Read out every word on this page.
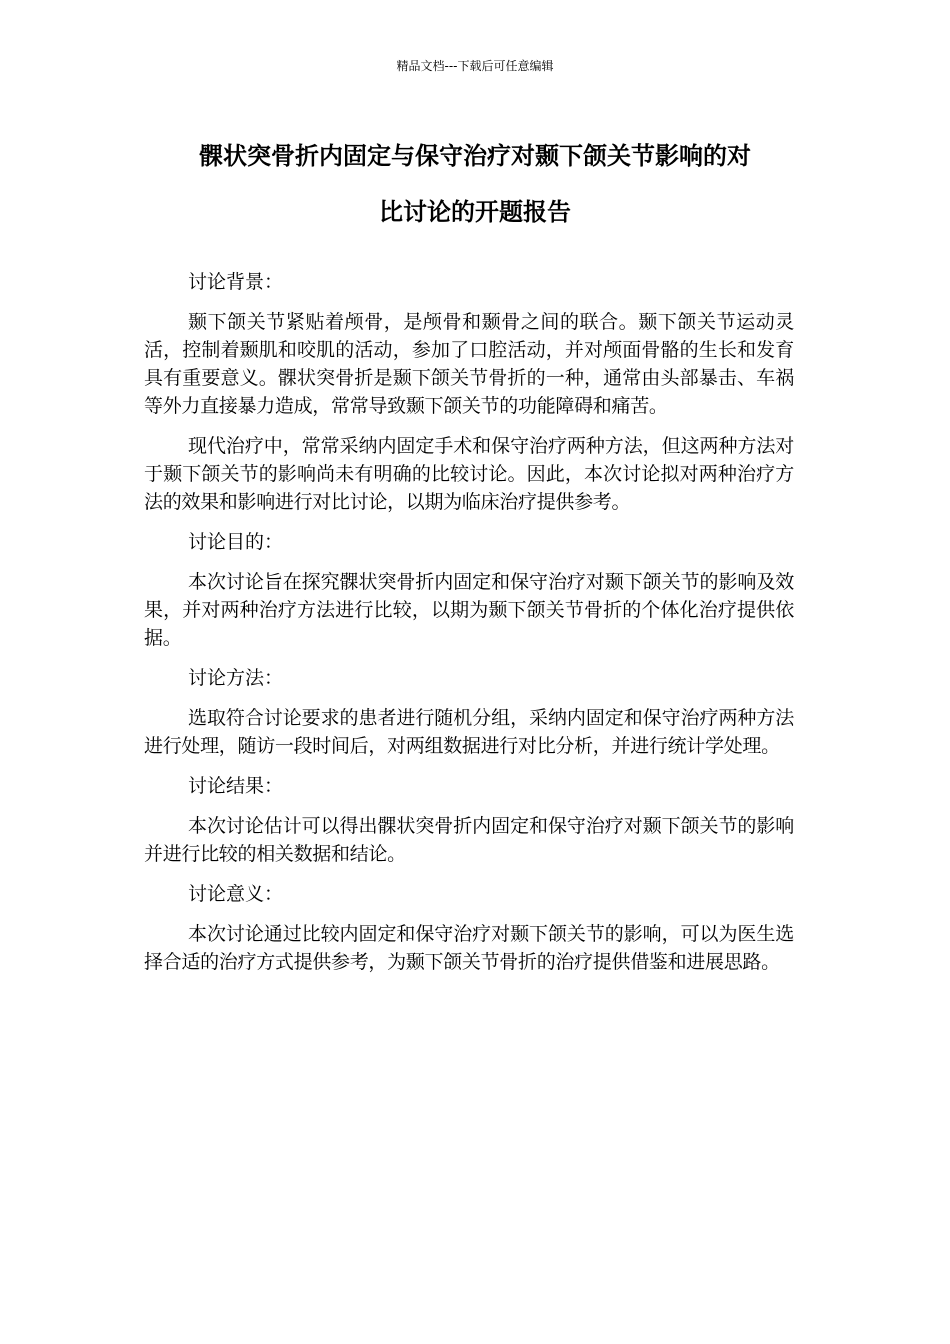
精品文档---下载后可任意编辑
髁状突骨折内固定与保守治疗对颞下颌关节影响的对
比讨论的开题报告

讨论背景：

颞下颌关节紧贴着颅骨，是颅骨和颞骨之间的联合。颞下颌关节运动灵活，控制着颞肌和咬肌的活动，参加了口腔活动，并对颅面骨骼的生长和发育具有重要意义。髁状突骨折是颞下颌关节骨折的一种，通常由头部暴击、车祸等外力直接暴力造成，常常导致颞下颌关节的功能障碍和痛苦。

现代治疗中，常常采纳内固定手术和保守治疗两种方法，但这两种方法对于颞下颌关节的影响尚未有明确的比较讨论。因此，本次讨论拟对两种治疗方法的效果和影响进行对比讨论，以期为临床治疗提供参考。

讨论目的：

本次讨论旨在探究髁状突骨折内固定和保守治疗对颞下颌关节的影响及效果，并对两种治疗方法进行比较，以期为颞下颌关节骨折的个体化治疗提供依据。

讨论方法：

选取符合讨论要求的患者进行随机分组，采纳内固定和保守治疗两种方法进行处理，随访一段时间后，对两组数据进行对比分析，并进行统计学处理。

讨论结果：

本次讨论估计可以得出髁状突骨折内固定和保守治疗对颞下颌关节的影响并进行比较的相关数据和结论。

讨论意义：

本次讨论通过比较内固定和保守治疗对颞下颌关节的影响，可以为医生选择合适的治疗方式提供参考，为颞下颌关节骨折的治疗提供借鉴和进展思路。
